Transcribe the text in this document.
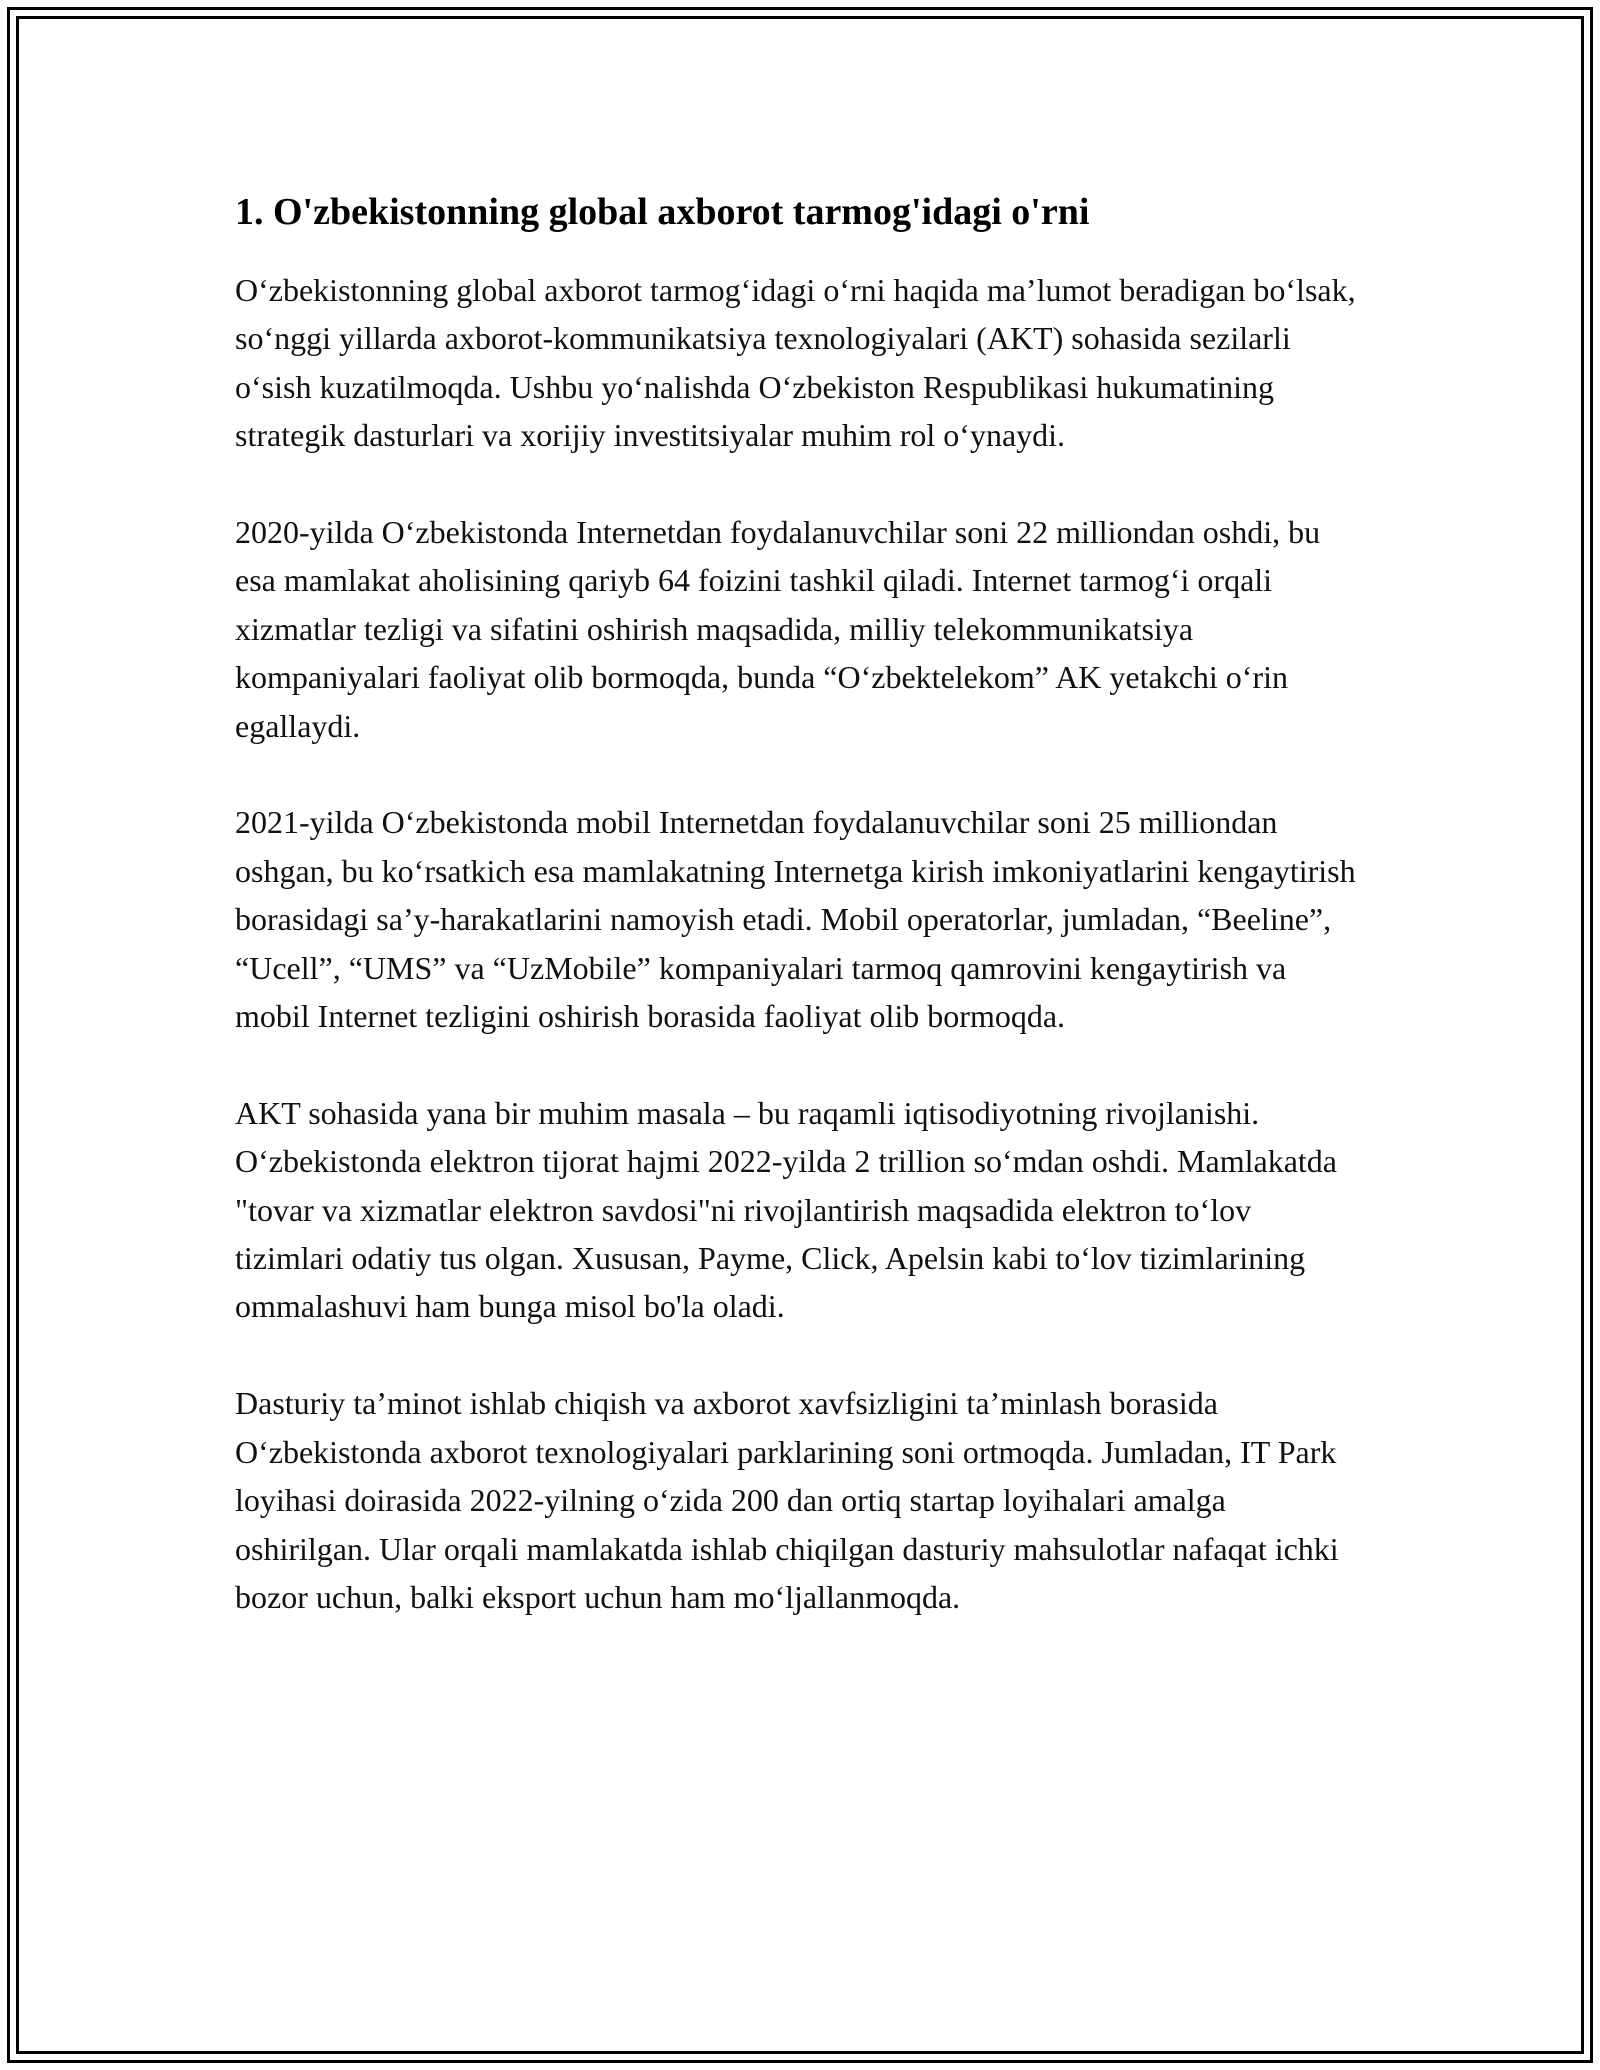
1. O'zbekistonning global axborot tarmog'idagi o'rni

O‘zbekistonning global axborot tarmog‘idagi o‘rni haqida ma’lumot beradigan bo‘lsak, so‘nggi yillarda axborot-kommunikatsiya texnologiyalari (AKT) sohasida sezilarli o‘sish kuzatilmoqda. Ushbu yo‘nalishda O‘zbekiston Respublikasi hukumatining strategik dasturlari va xorijiy investitsiyalar muhim rol o‘ynaydi.

2020-yilda O‘zbekistonda Internetdan foydalanuvchilar soni 22 milliondan oshdi, bu esa mamlakat aholisining qariyb 64 foizini tashkil qiladi. Internet tarmog‘i orqali xizmatlar tezligi va sifatini oshirish maqsadida, milliy telekommunikatsiya kompaniyalari faoliyat olib bormoqda, bunda “O‘zbektelekom” AK yetakchi o‘rin egallaydi.

2021-yilda O‘zbekistonda mobil Internetdan foydalanuvchilar soni 25 milliondan oshgan, bu ko‘rsatkich esa mamlakatning Internetga kirish imkoniyatlarini kengaytirish borasidagi sa’y-harakatlarini namoyish etadi. Mobil operatorlar, jumladan, “Beeline”, “Ucell”, “UMS” va “UzMobile” kompaniyalari tarmoq qamrovini kengaytirish va mobil Internet tezligini oshirish borasida faoliyat olib bormoqda.

AKT sohasida yana bir muhim masala – bu raqamli iqtisodiyotning rivojlanishi. O‘zbekistonda elektron tijorat hajmi 2022-yilda 2 trillion so‘mdan oshdi. Mamlakatda "tovar va xizmatlar elektron savdosi"ni rivojlantirish maqsadida elektron to‘lov tizimlari odatiy tus olgan. Xususan, Payme, Click, Apelsin kabi to‘lov tizimlarining ommalashuvi ham bunga misol bo'la oladi.

Dasturiy ta’minot ishlab chiqish va axborot xavfsizligini ta’minlash borasida O‘zbekistonda axborot texnologiyalari parklarining soni ortmoqda. Jumladan, IT Park loyihasi doirasida 2022-yilning o‘zida 200 dan ortiq startap loyihalari amalga oshirilgan. Ular orqali mamlakatda ishlab chiqilgan dasturiy mahsulotlar nafaqat ichki bozor uchun, balki eksport uchun ham mo‘ljallanmoqda.
